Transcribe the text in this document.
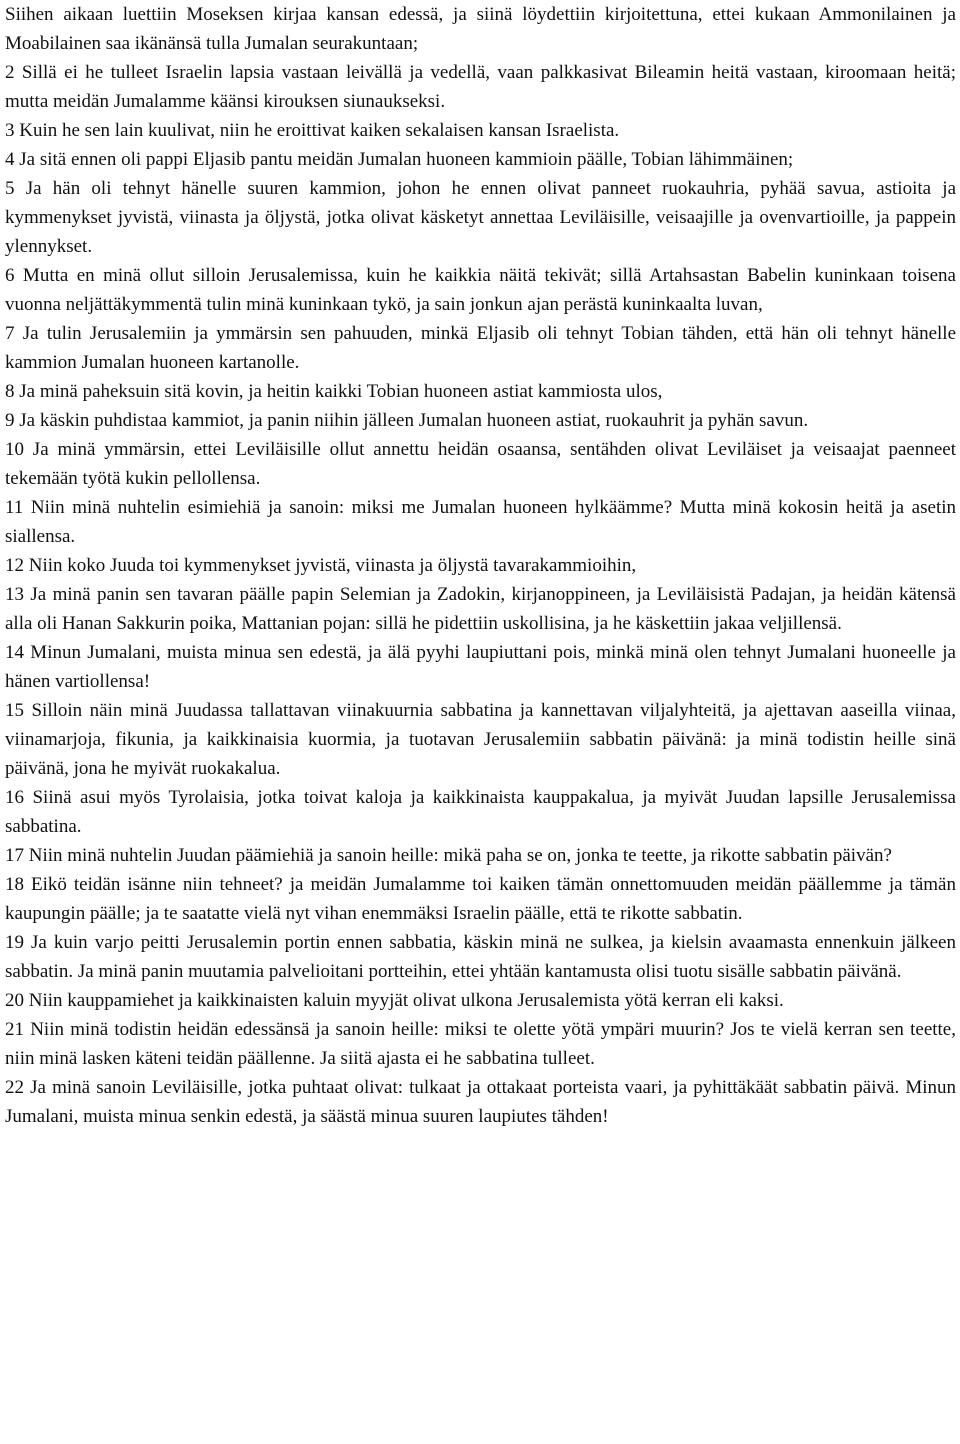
Siihen aikaan luettiin Moseksen kirjaa kansan edessä, ja siinä löydettiin kirjoitettuna, ettei kukaan Ammonilainen ja Moabilainen saa ikänänsä tulla Jumalan seurakuntaan;

2 Sillä ei he tulleet Israelin lapsia vastaan leivällä ja vedellä, vaan palkkasivat Bileamin heitä vastaan, kiroomaan heitä; mutta meidän Jumalamme käänsi kirouksen siunaukseksi.

3 Kuin he sen lain kuulivat, niin he eroittivat kaiken sekalaisen kansan Israelista.

4 Ja sitä ennen oli pappi Eljasib pantu meidän Jumalan huoneen kammioin päälle, Tobian lähimmäinen;

5 Ja hän oli tehnyt hänelle suuren kammion, johon he ennen olivat panneet ruokauhria, pyhää savua, astioita ja kymmenykset jyvistä, viinasta ja öljystä, jotka olivat käsketyt annettaa Leviläisille, veisaajille ja ovenvartioille, ja pappein ylennykset.

6 Mutta en minä ollut silloin Jerusalemissa, kuin he kaikkia näitä tekivät; sillä Artahsastan Babelin kuninkaan toisena vuonna neljättäkymmentä tulin minä kuninkaan tykö, ja sain jonkun ajan perästä kuninkaalta luvan,

7 Ja tulin Jerusalemiin ja ymmärsin sen pahuuden, minkä Eljasib oli tehnyt Tobian tähden, että hän oli tehnyt hänelle kammion Jumalan huoneen kartanolle.

8 Ja minä paheksuin sitä kovin, ja heitin kaikki Tobian huoneen astiat kammiosta ulos,

9 Ja käskin puhdistaa kammiot, ja panin niihin jälleen Jumalan huoneen astiat, ruokauhrit ja pyhän savun.

10 Ja minä ymmärsin, ettei Leviläisille ollut annettu heidän osaansa, sentähden olivat Leviläiset ja veisaajat paenneet tekemään työtä kukin pellollensa.

11 Niin minä nuhtelin esimiehiä ja sanoin: miksi me Jumalan huoneen hylkäämme? Mutta minä kokosin heitä ja asetin siallensa.

12 Niin koko Juuda toi kymmenykset jyvistä, viinasta ja öljystä tavarakammioihin,

13 Ja minä panin sen tavaran päälle papin Selemian ja Zadokin, kirjanoppineen, ja Leviläisistä Padajan, ja heidän kätensä alla oli Hanan Sakkurin poika, Mattanian pojan: sillä he pidettiin uskollisina, ja he käskettiin jakaa veljillensä.

14 Minun Jumalani, muista minua sen edestä, ja älä pyyhi laupiuttani pois, minkä minä olen tehnyt Jumalani huoneelle ja hänen vartiollensa!

15 Silloin näin minä Juudassa tallattavan viinakuurnia sabbatina ja kannettavan viljalyhteitä, ja ajettavan aaseilla viinaa, viinamarjoja, fikunia, ja kaikkinaisia kuormia, ja tuotavan Jerusalemiin sabbatin päivänä: ja minä todistin heille sinä päivänä, jona he myivät ruokakalua.

16 Siinä asui myös Tyrolaisia, jotka toivat kaloja ja kaikkinaista kauppakalua, ja myivät Juudan lapsille Jerusalemissa sabbatina.

17 Niin minä nuhtelin Juudan päämiehiä ja sanoin heille: mikä paha se on, jonka te teette, ja rikotte sabbatin päivän?

18 Eikö teidän isänne niin tehneet? ja meidän Jumalamme toi kaiken tämän onnettomuuden meidän päällemme ja tämän kaupungin päälle; ja te saatatte vielä nyt vihan enemmäksi Israelin päälle, että te rikotte sabbatin.

19 Ja kuin varjo peitti Jerusalemin portin ennen sabbatia, käskin minä ne sulkea, ja kielsin avaamasta ennenkuin jälkeen sabbatin. Ja minä panin muutamia palvelioitani portteihin, ettei yhtään kantamusta olisi tuotu sisälle sabbatin päivänä.

20 Niin kauppamiehet ja kaikkinaisten kaluin myyjät olivat ulkona Jerusalemista yötä kerran eli kaksi.

21 Niin minä todistin heidän edessänsä ja sanoin heille: miksi te olette yötä ympäri muurin? Jos te vielä kerran sen teette, niin minä lasken käteni teidän päällenne. Ja siitä ajasta ei he sabbatina tulleet.

22 Ja minä sanoin Leviläisille, jotka puhtaat olivat: tulkaat ja ottakaat porteista vaari, ja pyhittäkäät sabbatin päivä. Minun Jumalani, muista minua senkin edestä, ja säästä minua suuren laupiutes tähden!
